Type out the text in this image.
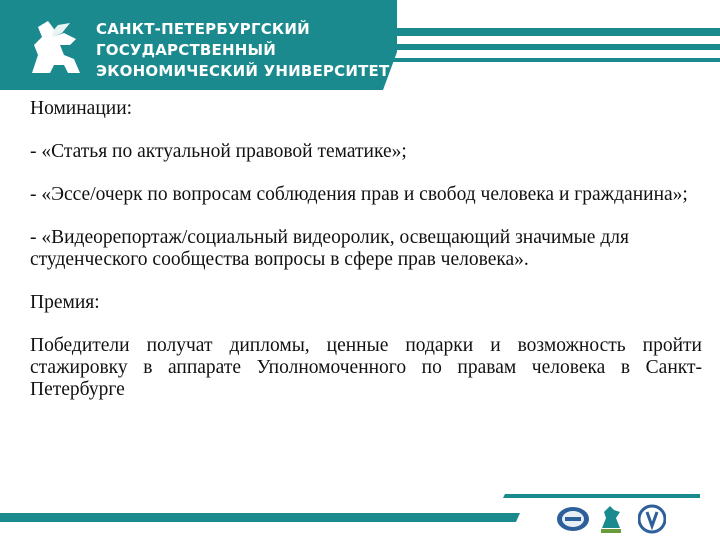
САНКТ-ПЕТЕРБУРГСКИЙ
ГОСУДАРСТВЕННЫЙ
ЭКОНОМИЧЕСКИЙ УНИВЕРСИТЕТ

Номинации:

- «Статья по актуальной правовой тематике»;

- «Эссе/очерк по вопросам соблюдения прав и свобод человека и гражданина»;

- «Видеорепортаж/социальный видеоролик, освещающий значимые для студенческого сообщества вопросы в сфере прав человека».

Премия:

Победители получат дипломы, ценные подарки и возможность пройти стажировку в аппарате Уполномоченного по правам человека в Санкт-Петербурге
